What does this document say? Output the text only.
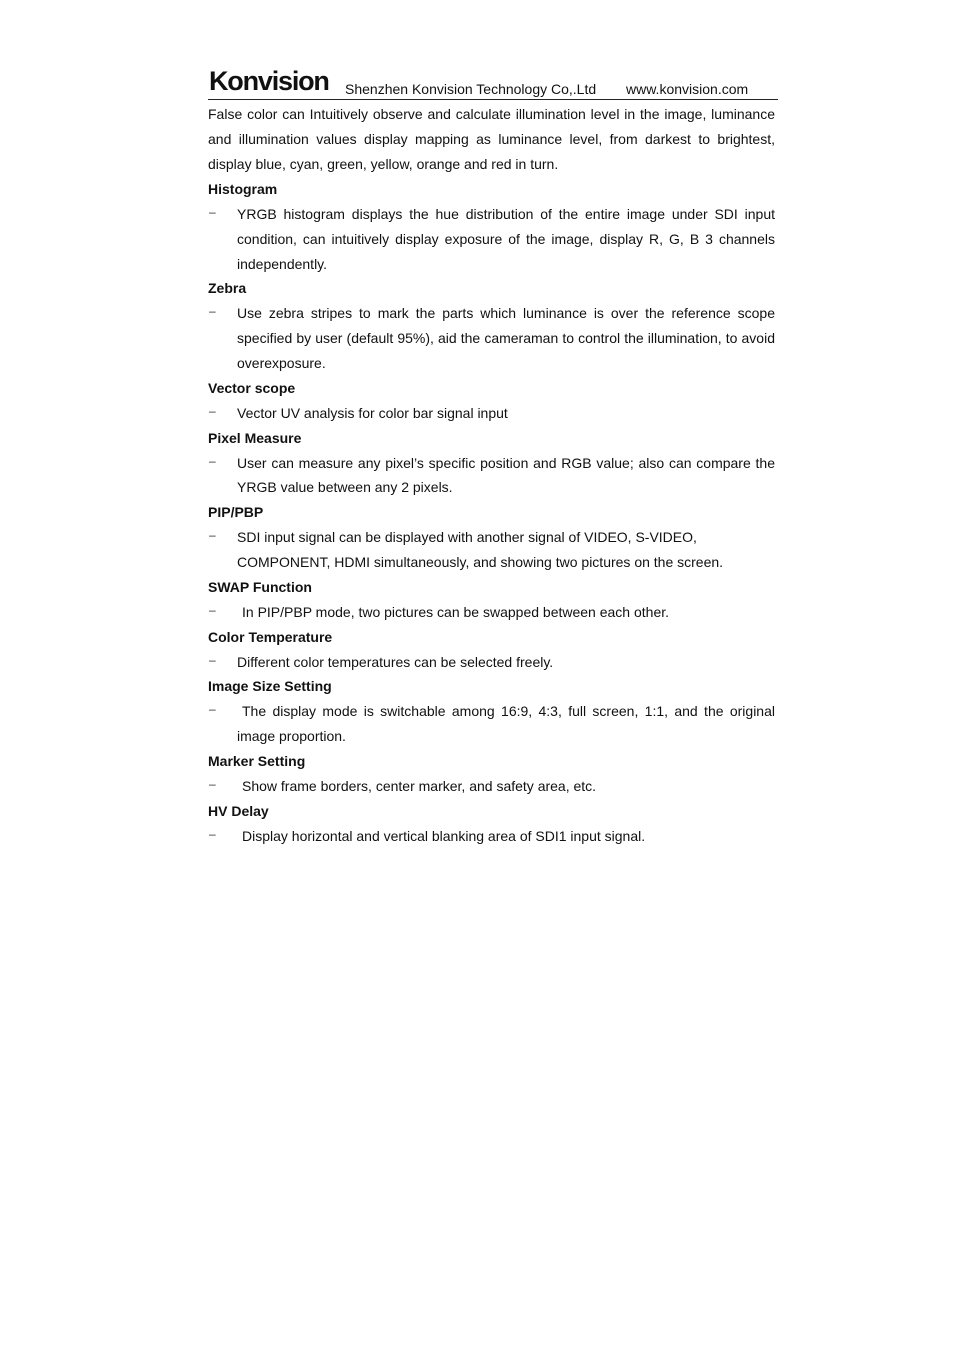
Konvision Shenzhen Konvision Technology Co,.Ltd www.konvision.com

False color can Intuitively observe and calculate illumination level in the image, luminance and illumination values display mapping as luminance level, from darkest to brightest, display blue, cyan, green, yellow, orange and red in turn.

Histogram

– YRGB histogram displays the hue distribution of the entire image under SDI input condition, can intuitively display exposure of the image, display R, G, B 3 channels independently.

Zebra

– Use zebra stripes to mark the parts which luminance is over the reference scope specified by user (default 95%), aid the cameraman to control the illumination, to avoid overexposure.

Vector scope

– Vector UV analysis for color bar signal input

Pixel Measure

– User can measure any pixel’s specific position and RGB value; also can compare the YRGB value between any 2 pixels.

PIP/PBP

– SDI input signal can be displayed with another signal of VIDEO, S-VIDEO, COMPONENT, HDMI simultaneously, and showing two pictures on the screen.

SWAP Function

– In PIP/PBP mode, two pictures can be swapped between each other.

Color Temperature

– Different color temperatures can be selected freely.

Image Size Setting

– The display mode is switchable among 16:9, 4:3, full screen, 1:1, and the original image proportion.

Marker Setting

– Show frame borders, center marker, and safety area, etc.

HV Delay

– Display horizontal and vertical blanking area of SDI1 input signal.
